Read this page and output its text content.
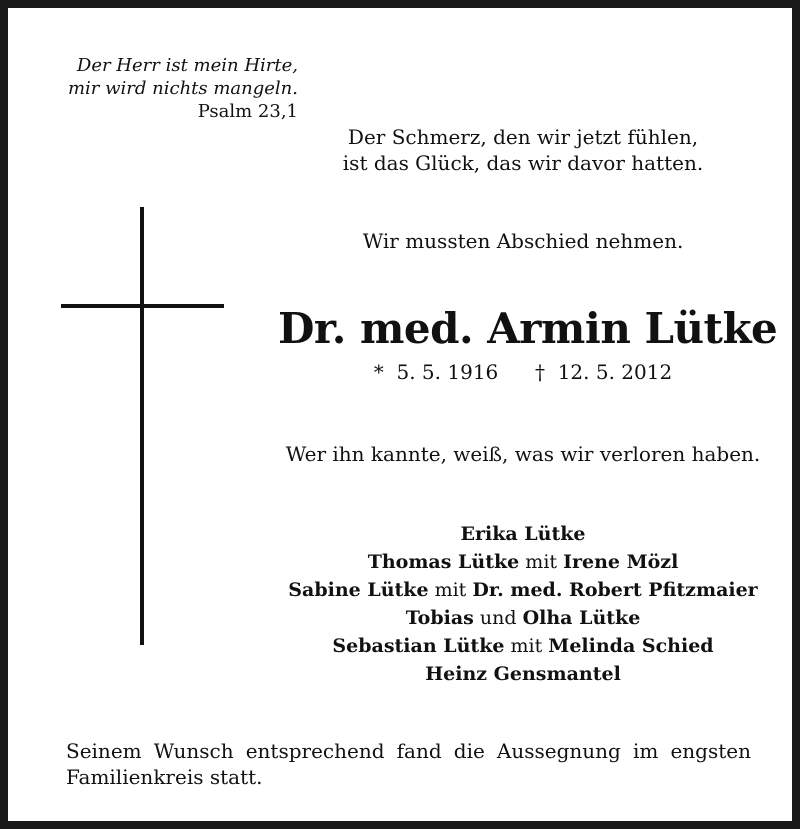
Der Herr ist mein Hirte,
mir wird nichts mangeln.
Psalm 23,1
Der Schmerz, den wir jetzt fühlen,
ist das Glück, das wir davor hatten.
Wir mussten Abschied nehmen.
Dr. med. Armin Lütke
* 5. 5. 1916 † 12. 5. 2012
Wer ihn kannte, weiß, was wir verloren haben.
Erika Lütke
Thomas Lütke mit Irene Mözl
Sabine Lütke mit Dr. med. Robert Pfitzmaier
Tobias und Olha Lütke
Sebastian Lütke mit Melinda Schied
Heinz Gensmantel
Seinem Wunsch entsprechend fand die Aussegnung im engsten Familienkreis statt.
